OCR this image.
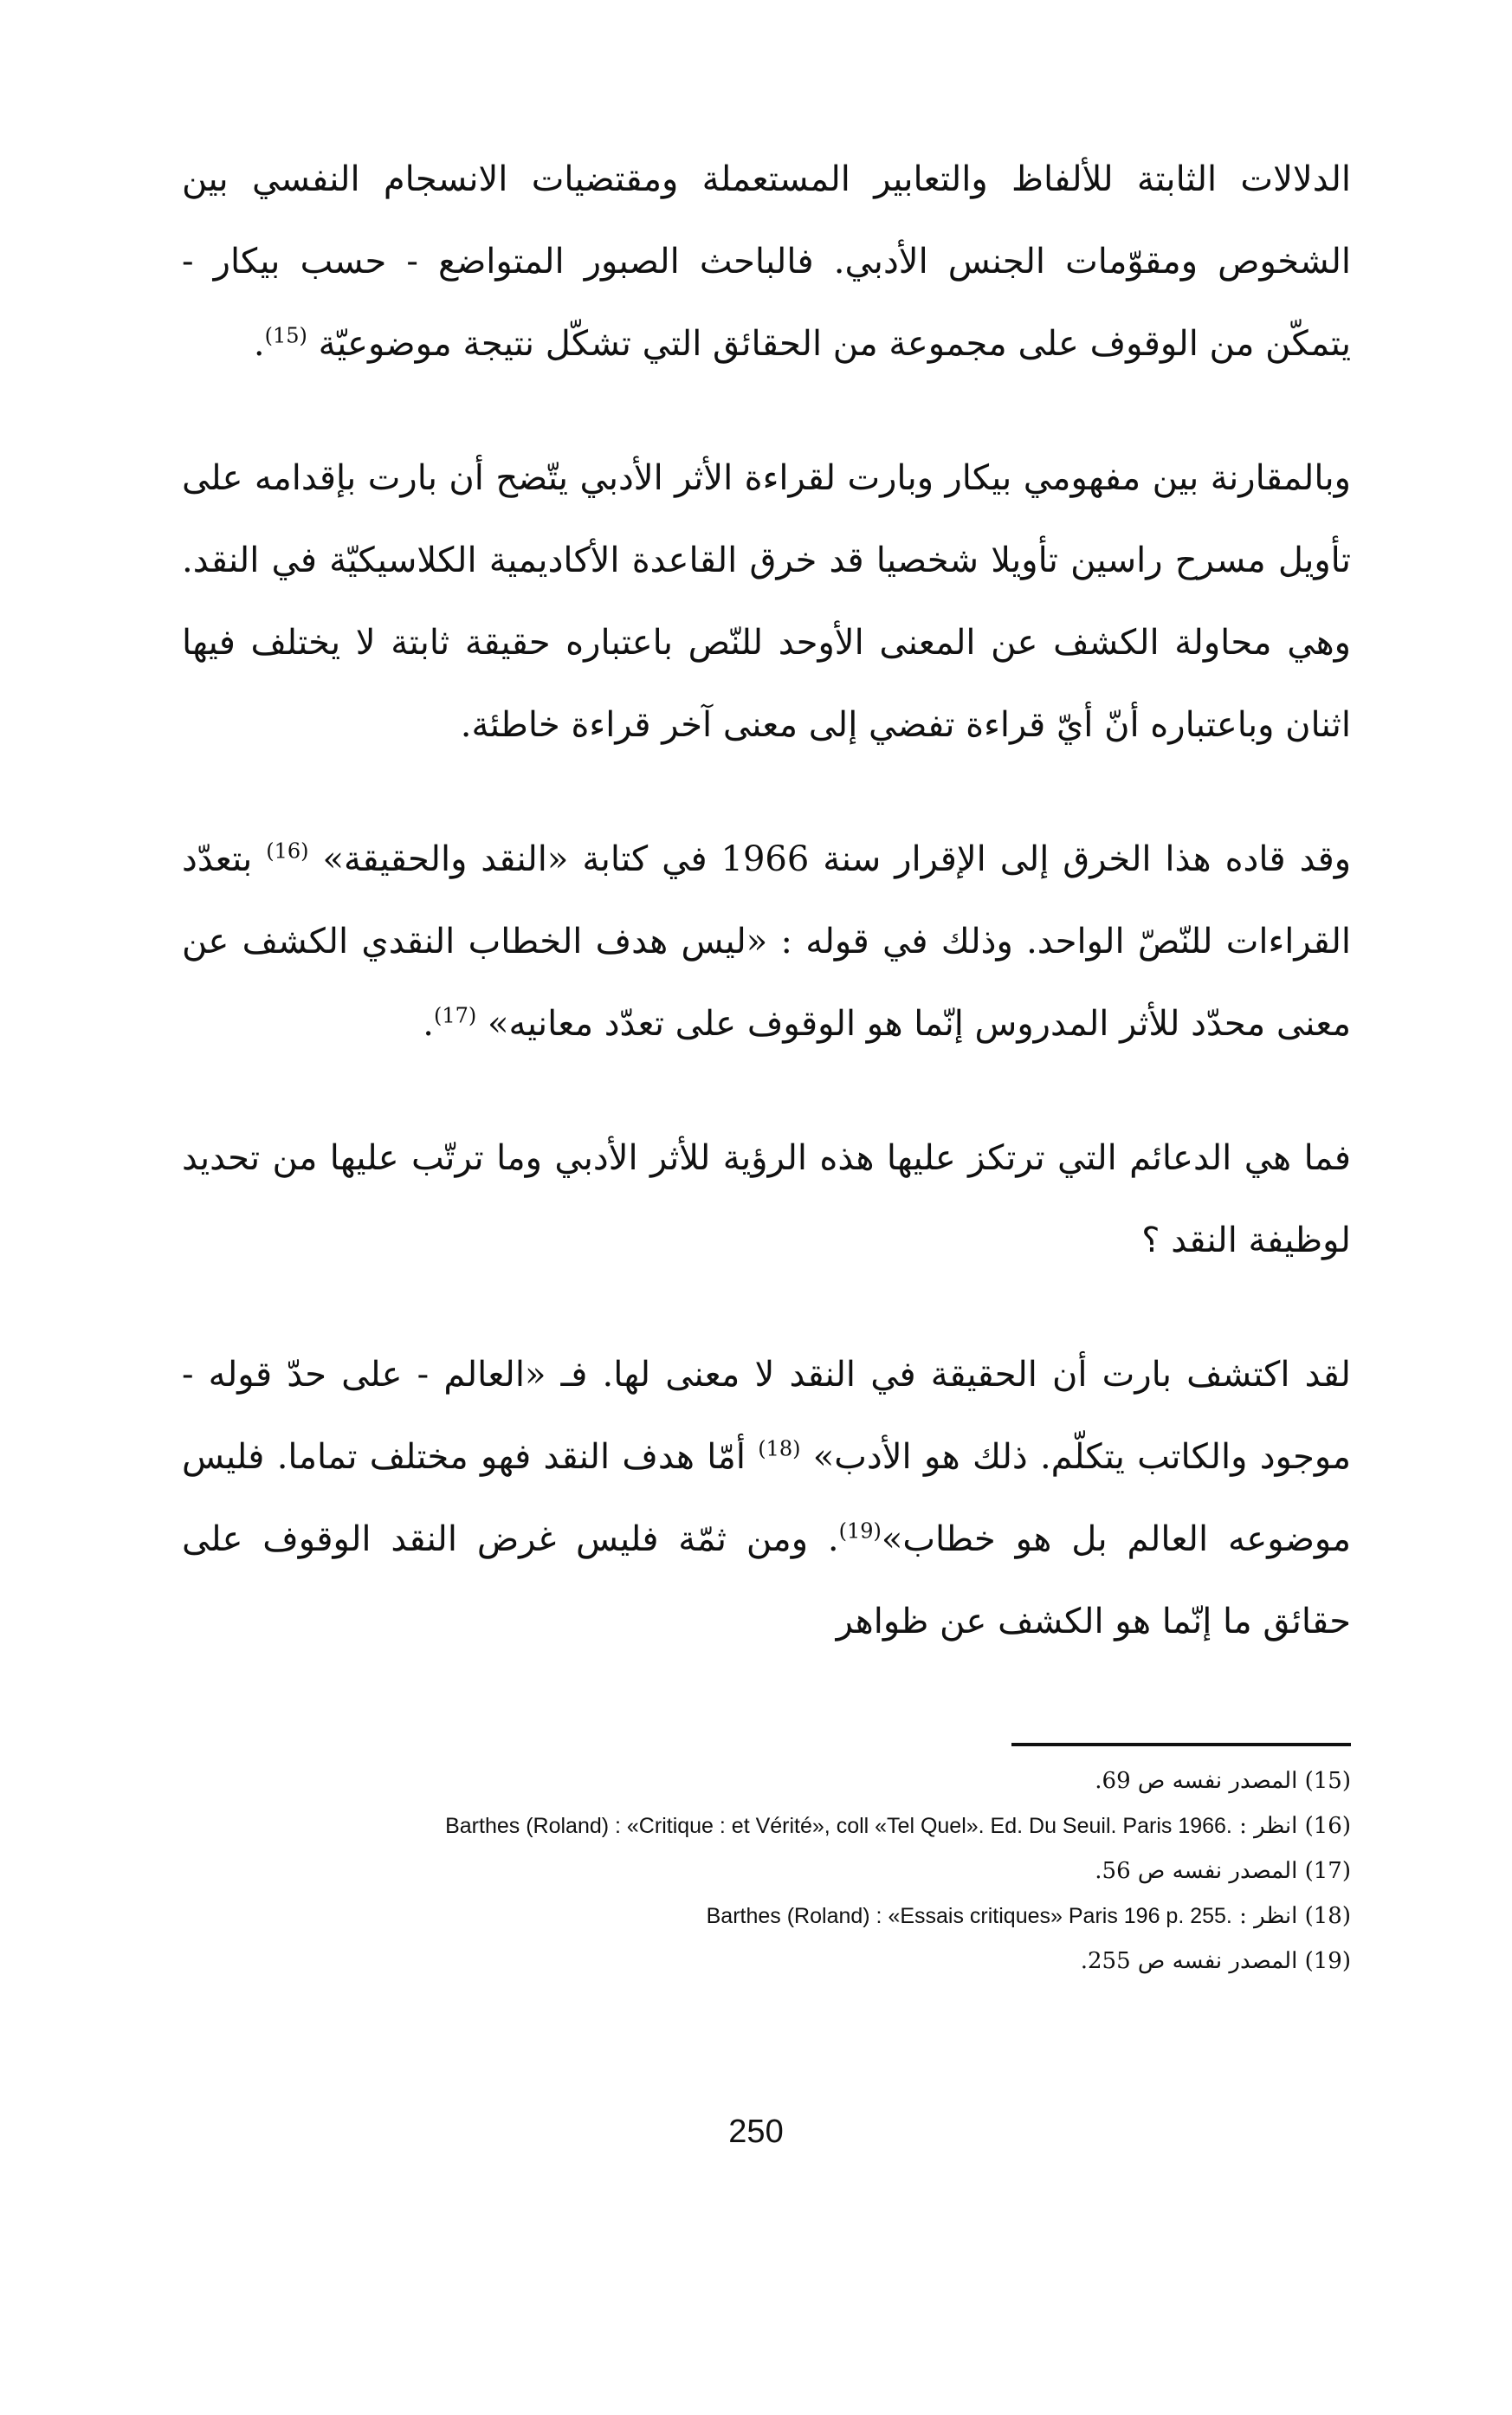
الدلالات الثابتة للألفاظ والتعابير المستعملة ومقتضيات الانسجام النفسي بين الشخوص ومقوّمات الجنس الأدبي. فالباحث الصبور المتواضع - حسب بيكار - يتمكّن من الوقوف على مجموعة من الحقائق التي تشكّل نتيجة موضوعيّة $^{(15)}$.

وبالمقارنة بين مفهومي بيكار وبارت لقراءة الأثر الأدبي يتّضح أن بارت بإقدامه على تأويل مسرح راسين تأويلا شخصيا قد خرق القاعدة الأكاديمية الكلاسيكيّة في النقد. وهي محاولة الكشف عن المعنى الأوحد للنّص باعتباره حقيقة ثابتة لا يختلف فيها اثنان وباعتباره أنّ أيّ قراءة تفضي إلى معنى آخر قراءة خاطئة.

وقد قاده هذا الخرق إلى الإقرار سنة 1966 في كتابة «النقد والحقيقة» $^{(16)}$ بتعدّد القراءات للنّصّ الواحد. وذلك في قوله : «ليس هدف الخطاب النقدي الكشف عن معنى محدّد للأثر المدروس إنّما هو الوقوف على تعدّد معانيه» $^{(17)}$.

فما هي الدعائم التي ترتكز عليها هذه الرؤية للأثر الأدبي وما ترتّب عليها من تحديد لوظيفة النقد ؟

لقد اكتشف بارت أن الحقيقة في النقد لا معنى لها. فـ «العالم - على حدّ قوله - موجود والكاتب يتكلّم. ذلك هو الأدب» $^{(18)}$ أمّا هدف النقد فهو مختلف تماما. فليس موضوعه العالم بل هو خطاب»$^{(19)}$. ومن ثمّة فليس غرض النقد الوقوف على حقائق ما إنّما هو الكشف عن ظواهر

(15) المصدر نفسه ص 69.
(16) انظر : Barthes (Roland) : «Critique : et Vérité», coll «Tel Quel». Ed. Du Seuil. Paris 1966.
(17) المصدر نفسه ص 56.
(18) انظر : Barthes (Roland) : «Essais critiques» Paris 196 p. 255.
(19) المصدر نفسه ص 255.
250
